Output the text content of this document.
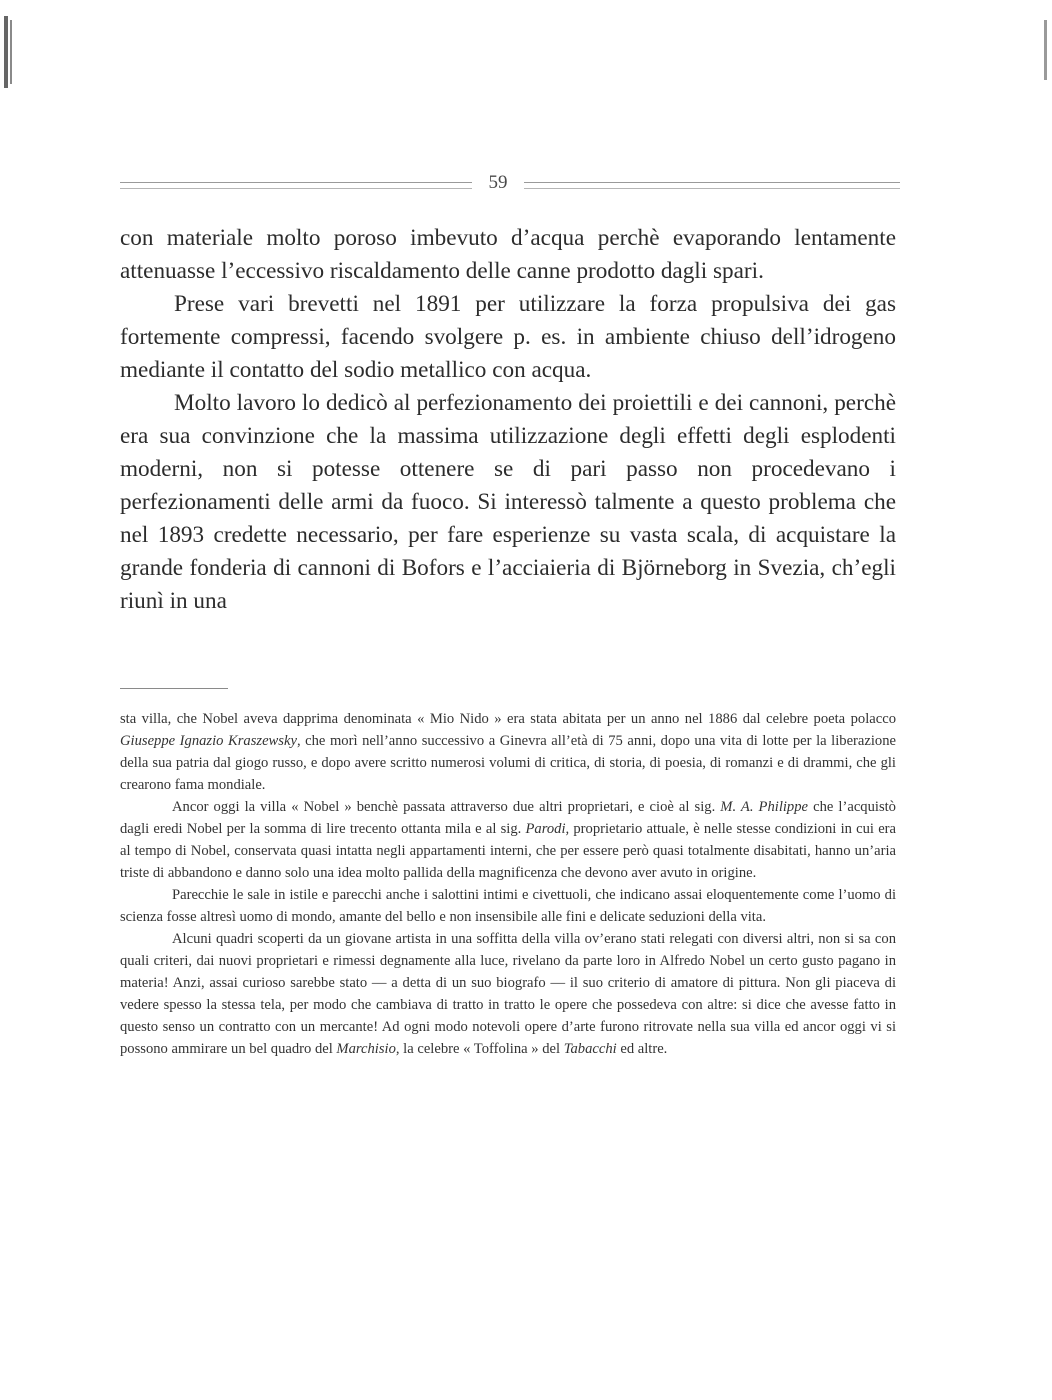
59

con materiale molto poroso imbevuto d’acqua perchè evaporando lentamente attenuasse l’eccessivo riscaldamento delle canne prodotto dagli spari.

Prese vari brevetti nel 1891 per utilizzare la forza propulsiva dei gas fortemente compressi, facendo svolgere p. es. in ambiente chiuso dell’idrogeno mediante il contatto del sodio metallico con acqua.

Molto lavoro lo dedicò al perfezionamento dei proiettili e dei cannoni, perchè era sua convinzione che la massima utilizzazione degli effetti degli esplodenti moderni, non si potesse ottenere se di pari passo non procedevano i perfezionamenti delle armi da fuoco. Si interessò talmente a questo problema che nel 1893 credette necessario, per fare esperienze su vasta scala, di acquistare la grande fonderia di cannoni di Bofors e l’acciaieria di Björneborg in Svezia, ch’egli riunì in una

sta villa, che Nobel aveva dapprima denominata « Mio Nido » era stata abitata per un anno nel 1886 dal celebre poeta polacco Giuseppe Ignazio Kraszewsky, che morì nell’anno successivo a Ginevra all’età di 75 anni, dopo una vita di lotte per la liberazione della sua patria dal giogo russo, e dopo avere scritto numerosi volumi di critica, di storia, di poesia, di romanzi e di drammi, che gli crearono fama mondiale.

Ancor oggi la villa « Nobel » benchè passata attraverso due altri proprietari, e cioè al sig. M. A. Philippe che l’acquistò dagli eredi Nobel per la somma di lire trecento ottanta mila e al sig. Parodi, proprietario attuale, è nelle stesse condizioni in cui era al tempo di Nobel, conservata quasi intatta negli appartamenti interni, che per essere però quasi totalmente disabitati, hanno un’aria triste di abbandono e danno solo una idea molto pallida della magnificenza che devono aver avuto in origine.

Parecchie le sale in istile e parecchi anche i salottini intimi e civettuoli, che indicano assai eloquentemente come l’uomo di scienza fosse altresì uomo di mondo, amante del bello e non insensibile alle fini e delicate seduzioni della vita.

Alcuni quadri scoperti da un giovane artista in una soffitta della villa ov’erano stati relegati con diversi altri, non si sa con quali criteri, dai nuovi proprietari e rimessi degnamente alla luce, rivelano da parte loro in Alfredo Nobel un certo gusto pagano in materia! Anzi, assai curioso sarebbe stato — a detta di un suo biografo — il suo criterio di amatore di pittura. Non gli piaceva di vedere spesso la stessa tela, per modo che cambiava di tratto in tratto le opere che possedeva con altre: si dice che avesse fatto in questo senso un contratto con un mercante! Ad ogni modo notevoli opere d’arte furono ritrovate nella sua villa ed ancor oggi vi si possono ammirare un bel quadro del Marchisio, la celebre « Toffolina » del Tabacchi ed altre.
